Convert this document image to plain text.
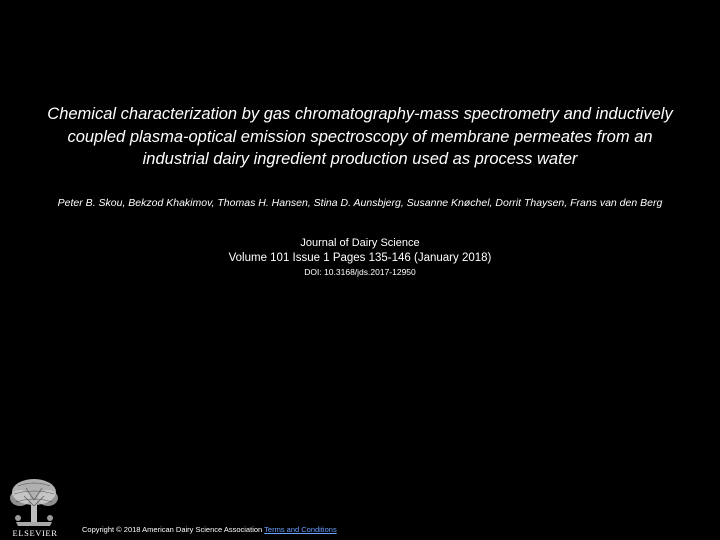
Chemical characterization by gas chromatography-mass spectrometry and inductively
coupled plasma-optical emission spectroscopy of membrane permeates from an
industrial dairy ingredient production used as process water
Peter B. Skou, Bekzod Khakimov, Thomas H. Hansen, Stina D. Aunsbjerg, Susanne Knøchel, Dorrit Thaysen, Frans van den Berg
Journal of Dairy Science
Volume 101 Issue 1 Pages 135-146 (January 2018)
DOI: 10.3168/jds.2017-12950
ELSEVIER	Copyright © 2018 American Dairy Science Association Terms and Conditions
